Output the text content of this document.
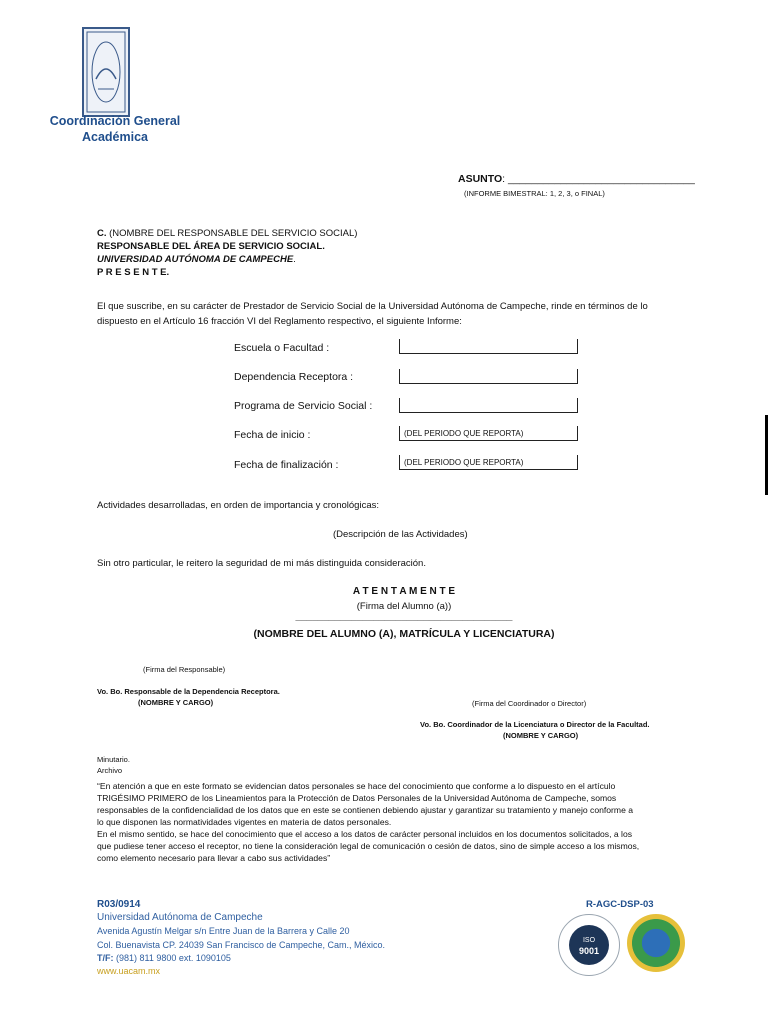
Coordinación General
Académica
ASUNTO: ________________________________
(INFORME BIMESTRAL: 1, 2, 3, o FINAL)
C. (NOMBRE DEL RESPONSABLE DEL SERVICIO SOCIAL)
RESPONSABLE DEL ÁREA DE SERVICIO SOCIAL.
UNIVERSIDAD AUTÓNOMA DE CAMPECHE.
P R E S E N T E.
El que suscribe, en su carácter de Prestador de Servicio Social de la Universidad Autónoma de Campeche, rinde en términos de lo
dispuesto en el Artículo 16 fracción VI del Reglamento respectivo, el siguiente Informe:
Escuela o Facultad :
Dependencia Receptora :
Programa de Servicio Social :
Fecha de inicio :	(DEL PERIODO QUE REPORTA)
Fecha de finalización :	(DEL PERIODO QUE REPORTA)
Actividades desarrolladas, en orden de importancia y cronológicas:
(Descripción de las Actividades)
Sin otro particular, le reitero la seguridad de mi más distinguida consideración.
A T E N T A M E N T E
(Firma del Alumno (a))
_______________________________________
(NOMBRE DEL ALUMNO (A), MATRÍCULA Y LICENCIATURA)
(Firma del Responsable)
Vo. Bo. Responsable de la Dependencia Receptora.
(NOMBRE Y CARGO)	(Firma del Coordinador o Director)
Vo. Bo. Coordinador de la Licenciatura o Director de la Facultad.
(NOMBRE Y CARGO)
Minutario.
Archivo
“En atención a que en este formato se evidencian datos personales se hace del conocimiento que conforme a lo dispuesto en el artículo
TRIGÉSIMO PRIMERO de los Lineamientos para la Protección de Datos Personales de la Universidad Autónoma de Campeche, somos
responsables de la confidencialidad de los datos que en este se contienen debiendo ajustar y garantizar su tratamiento y manejo conforme a
lo que disponen las normatividades vigentes en materia de datos personales.
En el mismo sentido, se hace del conocimiento que el acceso a los datos de carácter personal incluidos en los documentos solicitados, a los
que pudiese tener acceso el receptor, no tiene la consideración legal de comunicación o cesión de datos, sino de simple acceso a los mismos,
como elemento necesario para llevar a cabo sus actividades”
R03/0914
Universidad Autónoma de Campeche
Avenida Agustín Melgar s/n Entre Juan de la Barrera y Calle 20
Col. Buenavista CP. 24039 San Francisco de Campeche, Cam., México.
T/F: (981) 811 9800 ext. 1090105
www.uacam.mx
R-AGC-DSP-03
ISO
9001
